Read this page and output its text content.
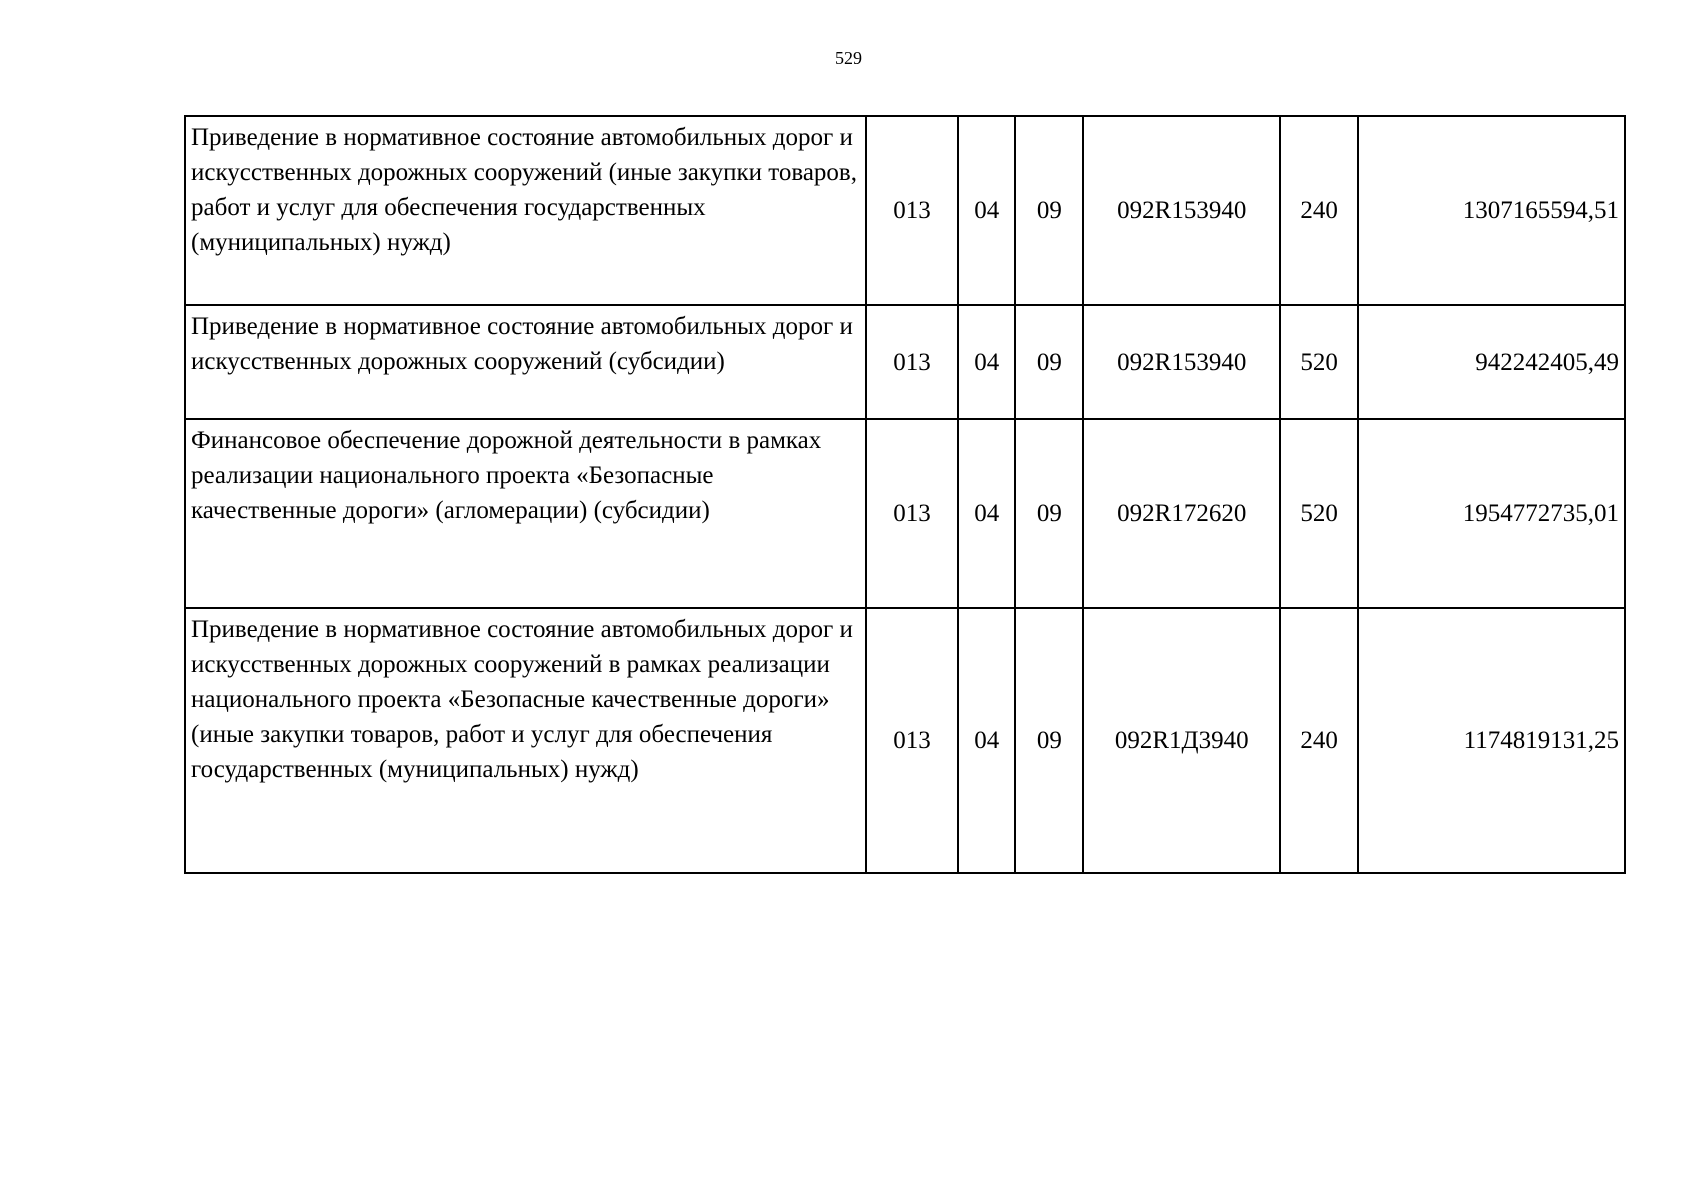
529
Приведение в нормативное состояние автомобильных дорог и искусственных дорожных сооружений (иные закупки товаров, работ и услуг для обеспечения государственных (муниципальных) нужд)	013	04	09	092R153940	240	1307165594,51
Приведение в нормативное состояние автомобильных дорог и искусственных дорожных сооружений (субсидии)	013	04	09	092R153940	520	942242405,49
Финансовое обеспечение дорожной деятельности в рамках реализации национального проекта «Безопасные качественные дороги» (агломерации) (субсидии)	013	04	09	092R172620	520	1954772735,01
Приведение в нормативное состояние автомобильных дорог и искусственных дорожных сооружений в рамках реализации национального проекта «Безопасные качественные дороги» (иные закупки товаров, работ и услуг для обеспечения государственных (муниципальных) нужд)	013	04	09	092R1Д3940	240	1174819131,25
